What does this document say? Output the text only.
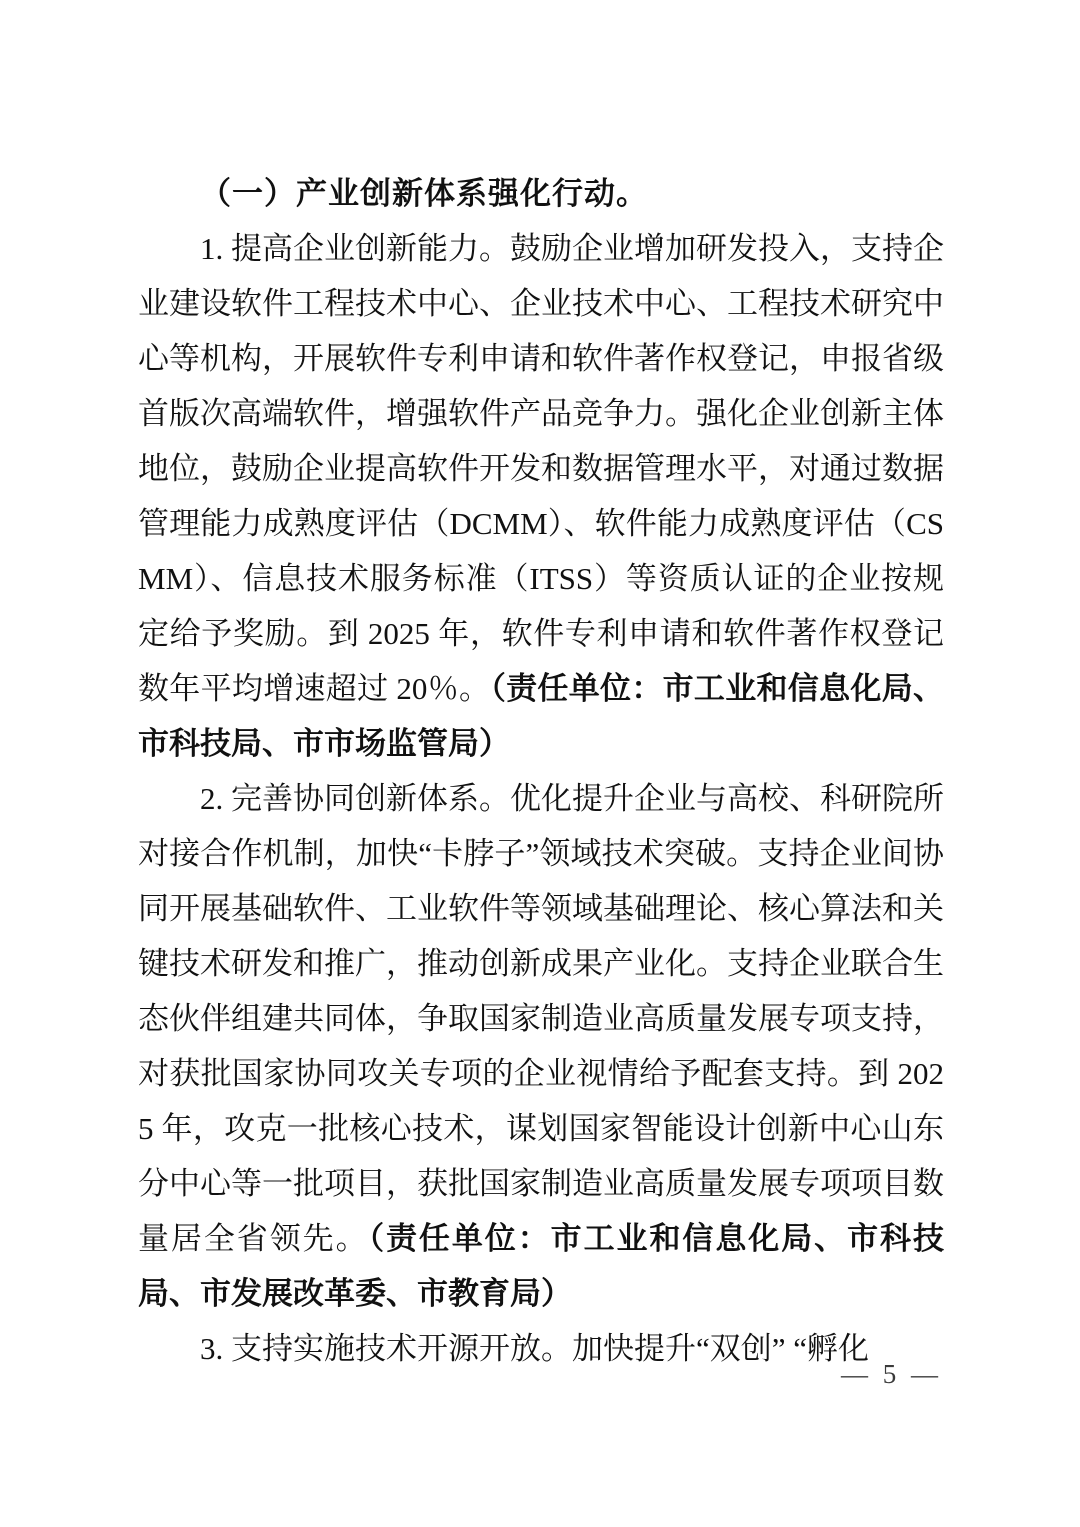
（一）产业创新体系强化行动。

1. 提高企业创新能力。鼓励企业增加研发投入，支持企业建设软件工程技术中心、企业技术中心、工程技术研究中心等机构，开展软件专利申请和软件著作权登记，申报省级首版次高端软件，增强软件产品竞争力。强化企业创新主体地位，鼓励企业提高软件开发和数据管理水平，对通过数据管理能力成熟度评估（DCMM）、软件能力成熟度评估（CSMM）、信息技术服务标准（ITSS）等资质认证的企业按规定给予奖励。到 2025 年，软件专利申请和软件著作权登记数年平均增速超过 20％。（责任单位：市工业和信息化局、市科技局、市市场监管局）

2. 完善协同创新体系。优化提升企业与高校、科研院所对接合作机制，加快“卡脖子”领域技术突破。支持企业间协同开展基础软件、工业软件等领域基础理论、核心算法和关键技术研发和推广，推动创新成果产业化。支持企业联合生态伙伴组建共同体，争取国家制造业高质量发展专项支持，对获批国家协同攻关专项的企业视情给予配套支持。到 2025 年，攻克一批核心技术，谋划国家智能设计创新中心山东分中心等一批项目，获批国家制造业高质量发展专项项目数量居全省领先。（责任单位：市工业和信息化局、市科技局、市发展改革委、市教育局）

3. 支持实施技术开源开放。加快提升“双创” “孵化

— 5 —
